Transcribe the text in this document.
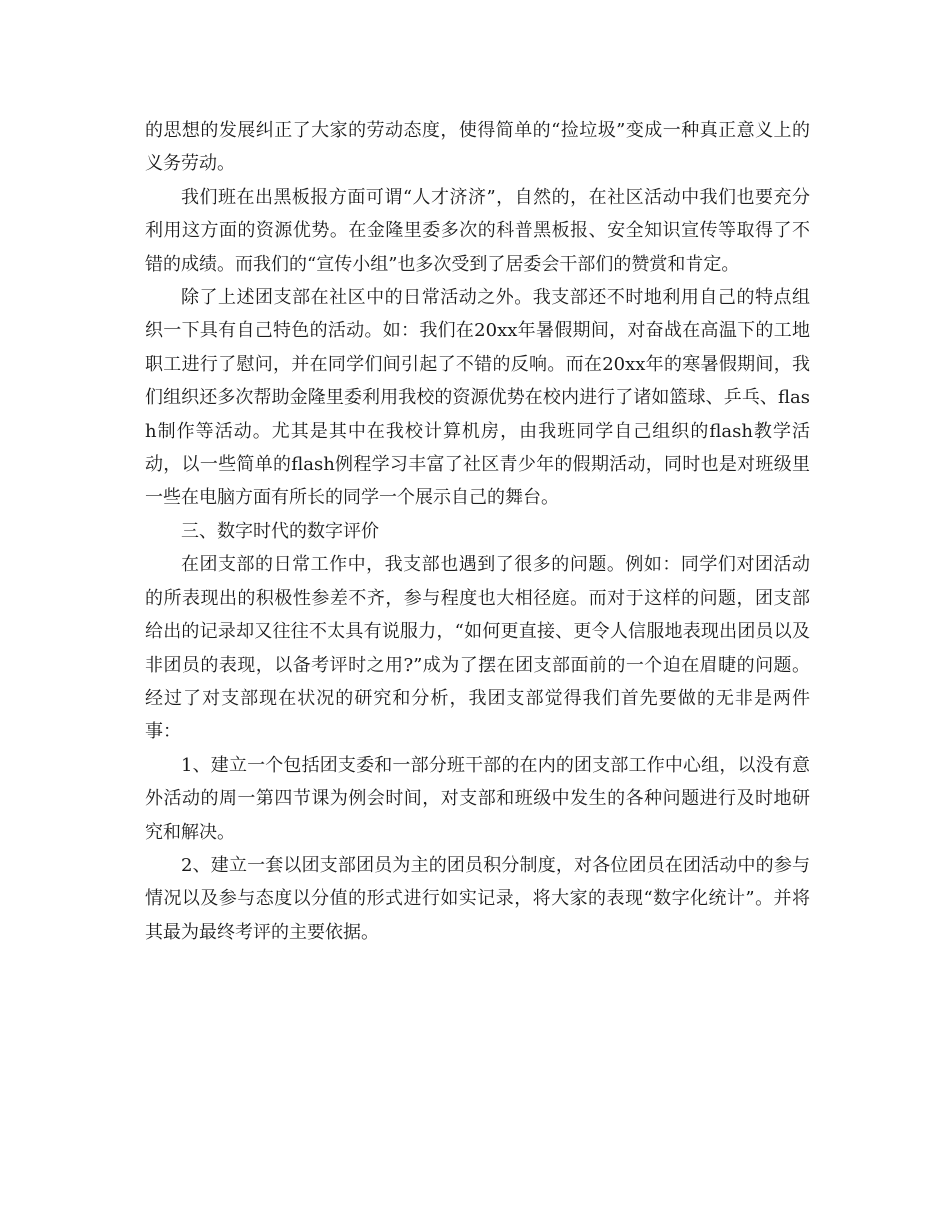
的思想的发展纠正了大家的劳动态度，使得简单的“捡垃圾”变成一种真正意义上的义务劳动。

我们班在出黑板报方面可谓“人才济济”，自然的，在社区活动中我们也要充分利用这方面的资源优势。在金隆里委多次的科普黑板报、安全知识宣传等取得了不错的成绩。而我们的“宣传小组”也多次受到了居委会干部们的赞赏和肯定。

除了上述团支部在社区中的日常活动之外。我支部还不时地利用自己的特点组织一下具有自己特色的活动。如：我们在20xx年暑假期间，对奋战在高温下的工地职工进行了慰问，并在同学们间引起了不错的反响。而在20xx年的寒暑假期间，我们组织还多次帮助金隆里委利用我校的资源优势在校内进行了诸如篮球、乒乓、flash制作等活动。尤其是其中在我校计算机房，由我班同学自己组织的flash教学活动，以一些简单的flash例程学习丰富了社区青少年的假期活动，同时也是对班级里一些在电脑方面有所长的同学一个展示自己的舞台。

三、数字时代的数字评价

在团支部的日常工作中，我支部也遇到了很多的问题。例如：同学们对团活动的所表现出的积极性参差不齐，参与程度也大相径庭。而对于这样的问题，团支部给出的记录却又往往不太具有说服力，“如何更直接、更令人信服地表现出团员以及非团员的表现，以备考评时之用?”成为了摆在团支部面前的一个迫在眉睫的问题。经过了对支部现在状况的研究和分析，我团支部觉得我们首先要做的无非是两件事：

1、建立一个包括团支委和一部分班干部的在内的团支部工作中心组，以没有意外活动的周一第四节课为例会时间，对支部和班级中发生的各种问题进行及时地研究和解决。

2、建立一套以团支部团员为主的团员积分制度，对各位团员在团活动中的参与情况以及参与态度以分值的形式进行如实记录，将大家的表现“数字化统计”。并将其最为最终考评的主要依据。
